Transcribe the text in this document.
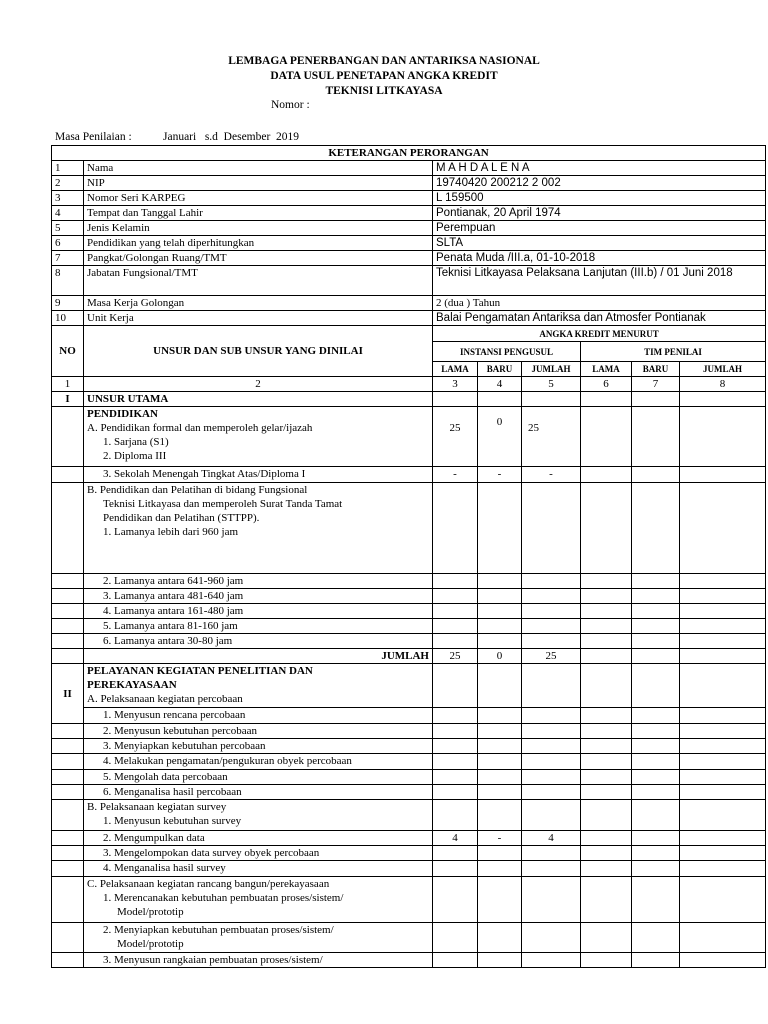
LEMBAGA PENERBANGAN DAN ANTARIKSA NASIONAL
DATA USUL PENETAPAN ANGKA KREDIT
TEKNISI LITKAYASA
Nomor :
Masa Penilaian :	Januari   s.d  Desember  2019
KETERANGAN PERORANGAN							
1	Nama	M A H D A L E N A					
2	NIP	19740420 200212 2 002					
3	Nomor Seri KARPEG	L 159500					
4	Tempat dan Tanggal Lahir	Pontianak, 20 April 1974					
5	Jenis Kelamin	Perempuan					
6	Pendidikan yang telah diperhitungkan	SLTA					
7	Pangkat/Golongan Ruang/TMT	Penata Muda /III.a, 01-10-2018					
8	Jabatan Fungsional/TMT	Teknisi Litkayasa Pelaksana Lanjutan (III.b) / 01 Juni 2018					
9	Masa Kerja Golongan	2 (dua ) Tahun					
10	Unit Kerja	Balai Pengamatan Antariksa dan Atmosfer Pontianak					
NO	UNSUR DAN SUB UNSUR YANG DINILAI	ANGKA KREDIT MENURUT					
		INSTANSI PENGUSUL			TIM PENILAI		
		LAMA	BARU	JUMLAH	LAMA	BARU	JUMLAH
1	2	3	4	5	6	7	8
I	UNSUR UTAMA						

	PENDIDIKAN
A. Pendidikan formal dan memperoleh gelar/ijazah
1. Sarjana (S1)
2. Diploma III	25	0	25			

	3. Sekolah Menengah Tingkat Atas/Diploma I	-	-	-			

	B. Pendidikan dan Pelatihan di bidang Fungsional
Teknisi Litkayasa dan memperoleh Surat Tanda Tamat
Pendidikan dan Pelatihan (STTPP).
1. Lamanya lebih dari 960 jam						

	2. Lamanya antara 641-960 jam						

	3. Lamanya antara 481-640 jam						

	4. Lamanya antara 161-480 jam						

	5. Lamanya antara 81-160 jam						

	6. Lamanya antara 30-80 jam						

	JUMLAH	25	0	25			
II	PELAYANAN KEGIATAN PENELITIAN DAN
PEREKAYASAAN
A. Pelaksanaan kegiatan percobaan						

	1. Menyusun rencana percobaan						

	2. Menyusun kebutuhan percobaan						

	3. Menyiapkan kebutuhan percobaan						

	4. Melakukan pengamatan/pengukuran obyek percobaan						

	5. Mengolah data percobaan						

	6. Menganalisa hasil percobaan						

	B. Pelaksanaan kegiatan survey
1. Menyusun kebutuhan survey						

	2. Mengumpulkan data	4	-	4			

	3. Mengelompokan data survey obyek percobaan						

	4. Menganalisa hasil survey						

	C. Pelaksanaan kegiatan rancang bangun/perekayasaan
1. Merencanakan kebutuhan pembuatan proses/sistem/
Model/prototip						

	2. Menyiapkan kebutuhan pembuatan proses/sistem/
Model/prototip						

	3. Menyusun rangkaian pembuatan proses/sistem/						
